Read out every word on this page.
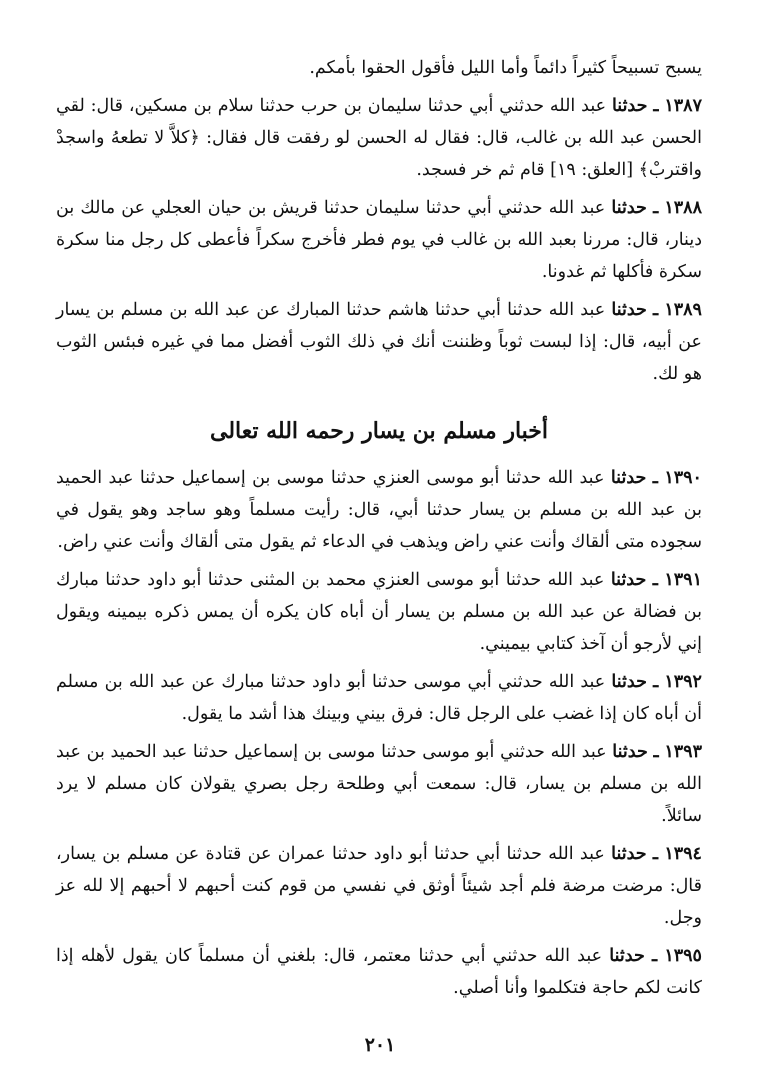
يسبح تسبيحاً كثيراً دائماً وأما الليل فأقول الحقوا بأمكم.

١٣٨٧ ـ حدثنا عبد الله حدثني أبي حدثنا سليمان بن حرب حدثنا سلام بن مسكين، قال: لقي الحسن عبد الله بن غالب، قال: فقال له الحسن لو رفقت قال فقال: ﴿كلاَّ لا تطعهُ واسجدْ واقتربْ﴾ [العلق: ١٩] قام ثم خر فسجد.

١٣٨٨ ـ حدثنا عبد الله حدثني أبي حدثنا سليمان حدثنا قريش بن حيان العجلي عن مالك بن دينار، قال: مررنا بعبد الله بن غالب في يوم فطر فأخرج سكراً فأعطى كل رجل منا سكرة سكرة فأكلها ثم غدونا.

١٣٨٩ ـ حدثنا عبد الله حدثنا أبي حدثنا هاشم حدثنا المبارك عن عبد الله بن مسلم بن يسار عن أبيه، قال: إذا لبست ثوباً وظننت أنك في ذلك الثوب أفضل مما في غيره فبئس الثوب هو لك.

أخبار مسلم بن يسار رحمه الله تعالى

١٣٩٠ ـ حدثنا عبد الله حدثنا أبو موسى العنزي حدثنا موسى بن إسماعيل حدثنا عبد الحميد بن عبد الله بن مسلم بن يسار حدثنا أبي، قال: رأيت مسلماً وهو ساجد وهو يقول في سجوده متى ألقاك وأنت عني راض ويذهب في الدعاء ثم يقول متى ألقاك وأنت عني راض.

١٣٩١ ـ حدثنا عبد الله حدثنا أبو موسى العنزي محمد بن المثنى حدثنا أبو داود حدثنا مبارك بن فضالة عن عبد الله بن مسلم بن يسار أن أباه كان يكره أن يمس ذكره بيمينه ويقول إني لأرجو أن آخذ كتابي بيميني.

١٣٩٢ ـ حدثنا عبد الله حدثني أبي موسى حدثنا أبو داود حدثنا مبارك عن عبد الله بن مسلم أن أباه كان إذا غضب على الرجل قال: فرق بيني وبينك هذا أشد ما يقول.

١٣٩٣ ـ حدثنا عبد الله حدثني أبو موسى حدثنا موسى بن إسماعيل حدثنا عبد الحميد بن عبد الله بن مسلم بن يسار، قال: سمعت أبي وطلحة رجل بصري يقولان كان مسلم لا يرد سائلاً.

١٣٩٤ ـ حدثنا عبد الله حدثنا أبي حدثنا أبو داود حدثنا عمران عن قتادة عن مسلم بن يسار، قال: مرضت مرضة فلم أجد شيئاً أوثق في نفسي من قوم كنت أحبهم لا أحبهم إلا لله عز وجل.

١٣٩٥ ـ حدثنا عبد الله حدثني أبي حدثنا معتمر، قال: بلغني أن مسلماً كان يقول لأهله إذا كانت لكم حاجة فتكلموا وأنا أصلي.

٢٠١
